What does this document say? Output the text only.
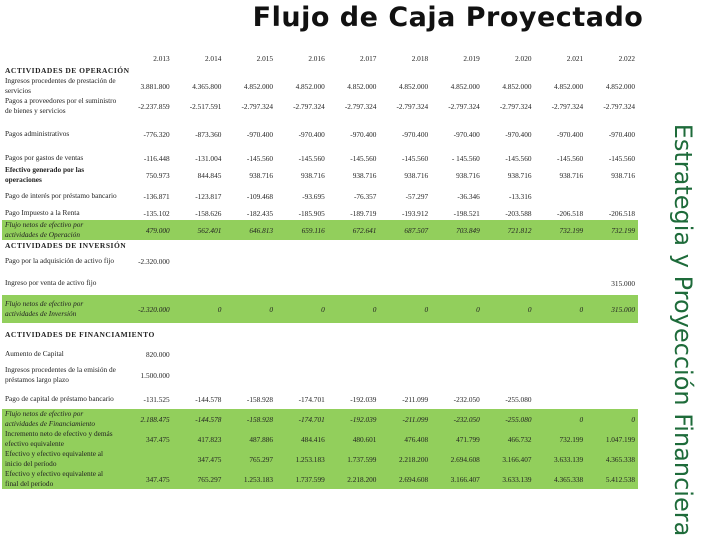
Flujo de Caja Proyectado
	2.013	2.014	2.015	2.016	2.017	2.018	2.019	2.020	2.021	2.022
ACTIVIDADES DE OPERACIÓN										
Ingresos procedentes de prestación de servicios	3.881.800	4.365.800	4.852.000	4.852.000	4.852.000	4.852.000	4.852.000	4.852.000	4.852.000	4.852.000
Pagos a proveedores por el suministro de bienes y servicios	-2.237.859	-2.517.591	-2.797.324	-2.797.324	-2.797.324	-2.797.324	-2.797.324	-2.797.324	-2.797.324	-2.797.324
Pagos administrativos	-776.320	-873.360	-970.400	-970.400	-970.400	-970.400	-970.400	-970.400	-970.400	-970.400
Pagos por gastos de ventas	-116.448	-131.004	-145.560	-145.560	-145.560	-145.560	- 145.560	-145.560	-145.560	-145.560
Efectivo generado por las operaciones	750.973	844.845	938.716	938.716	938.716	938.716	938.716	938.716	938.716	938.716
Pago de interés por préstamo bancario	-136.871	-123.817	-109.468	-93.695	-76.357	-57.297	-36.346	-13.316		
Pago Impuesto a la Renta	-135.102	-158.626	-182.435	-185.905	-189.719	-193.912	-198.521	-203.588	-206.518	-206.518
Flujo netos de efectivo por actividades de Operación	479.000	562.401	646.813	659.116	672.641	687.507	703.849	721.812	732.199	732.199
ACTIVIDADES DE INVERSIÓN										
Pago por la adquisición de activo fijo	-2.320.000									
Ingreso por venta de activo fijo										315.000
Flujo netos de efectivo por actividades de Inversión	-2.320.000	0	0	0	0	0	0	0	0	315.000
ACTIVIDADES DE FINANCIAMIENTO										
Aumento de Capital	820.000									
Ingresos procedentes de la emisión de préstamos largo plazo	1.500.000									
Pago de capital de préstamo bancario	-131.525	-144.578	-158.928	-174.701	-192.039	-211.099	-232.050	-255.080		
Flujo netos de efectivo por actividades de Financiamiento	2.188.475	-144.578	-158.928	-174.701	-192.039	-211.099	-232.050	-255.080	0	0
Incremento neto de efectivo y demás efectivo equivalente	347.475	417.823	487.886	484.416	480.601	476.408	471.799	466.732	732.199	1.047.199
Efectivo y efectivo equivalente al inicio del período		347.475	765.297	1.253.183	1.737.599	2.218.200	2.694.608	3.166.407	3.633.139	4.365.338
Efectivo y efectivo equivalente al final del período	347.475	765.297	1.253.183	1.737.599	2.218.200	2.694.608	3.166.407	3.633.139	4.365.338	5.412.538 Estrategia y Proyección Financiera
